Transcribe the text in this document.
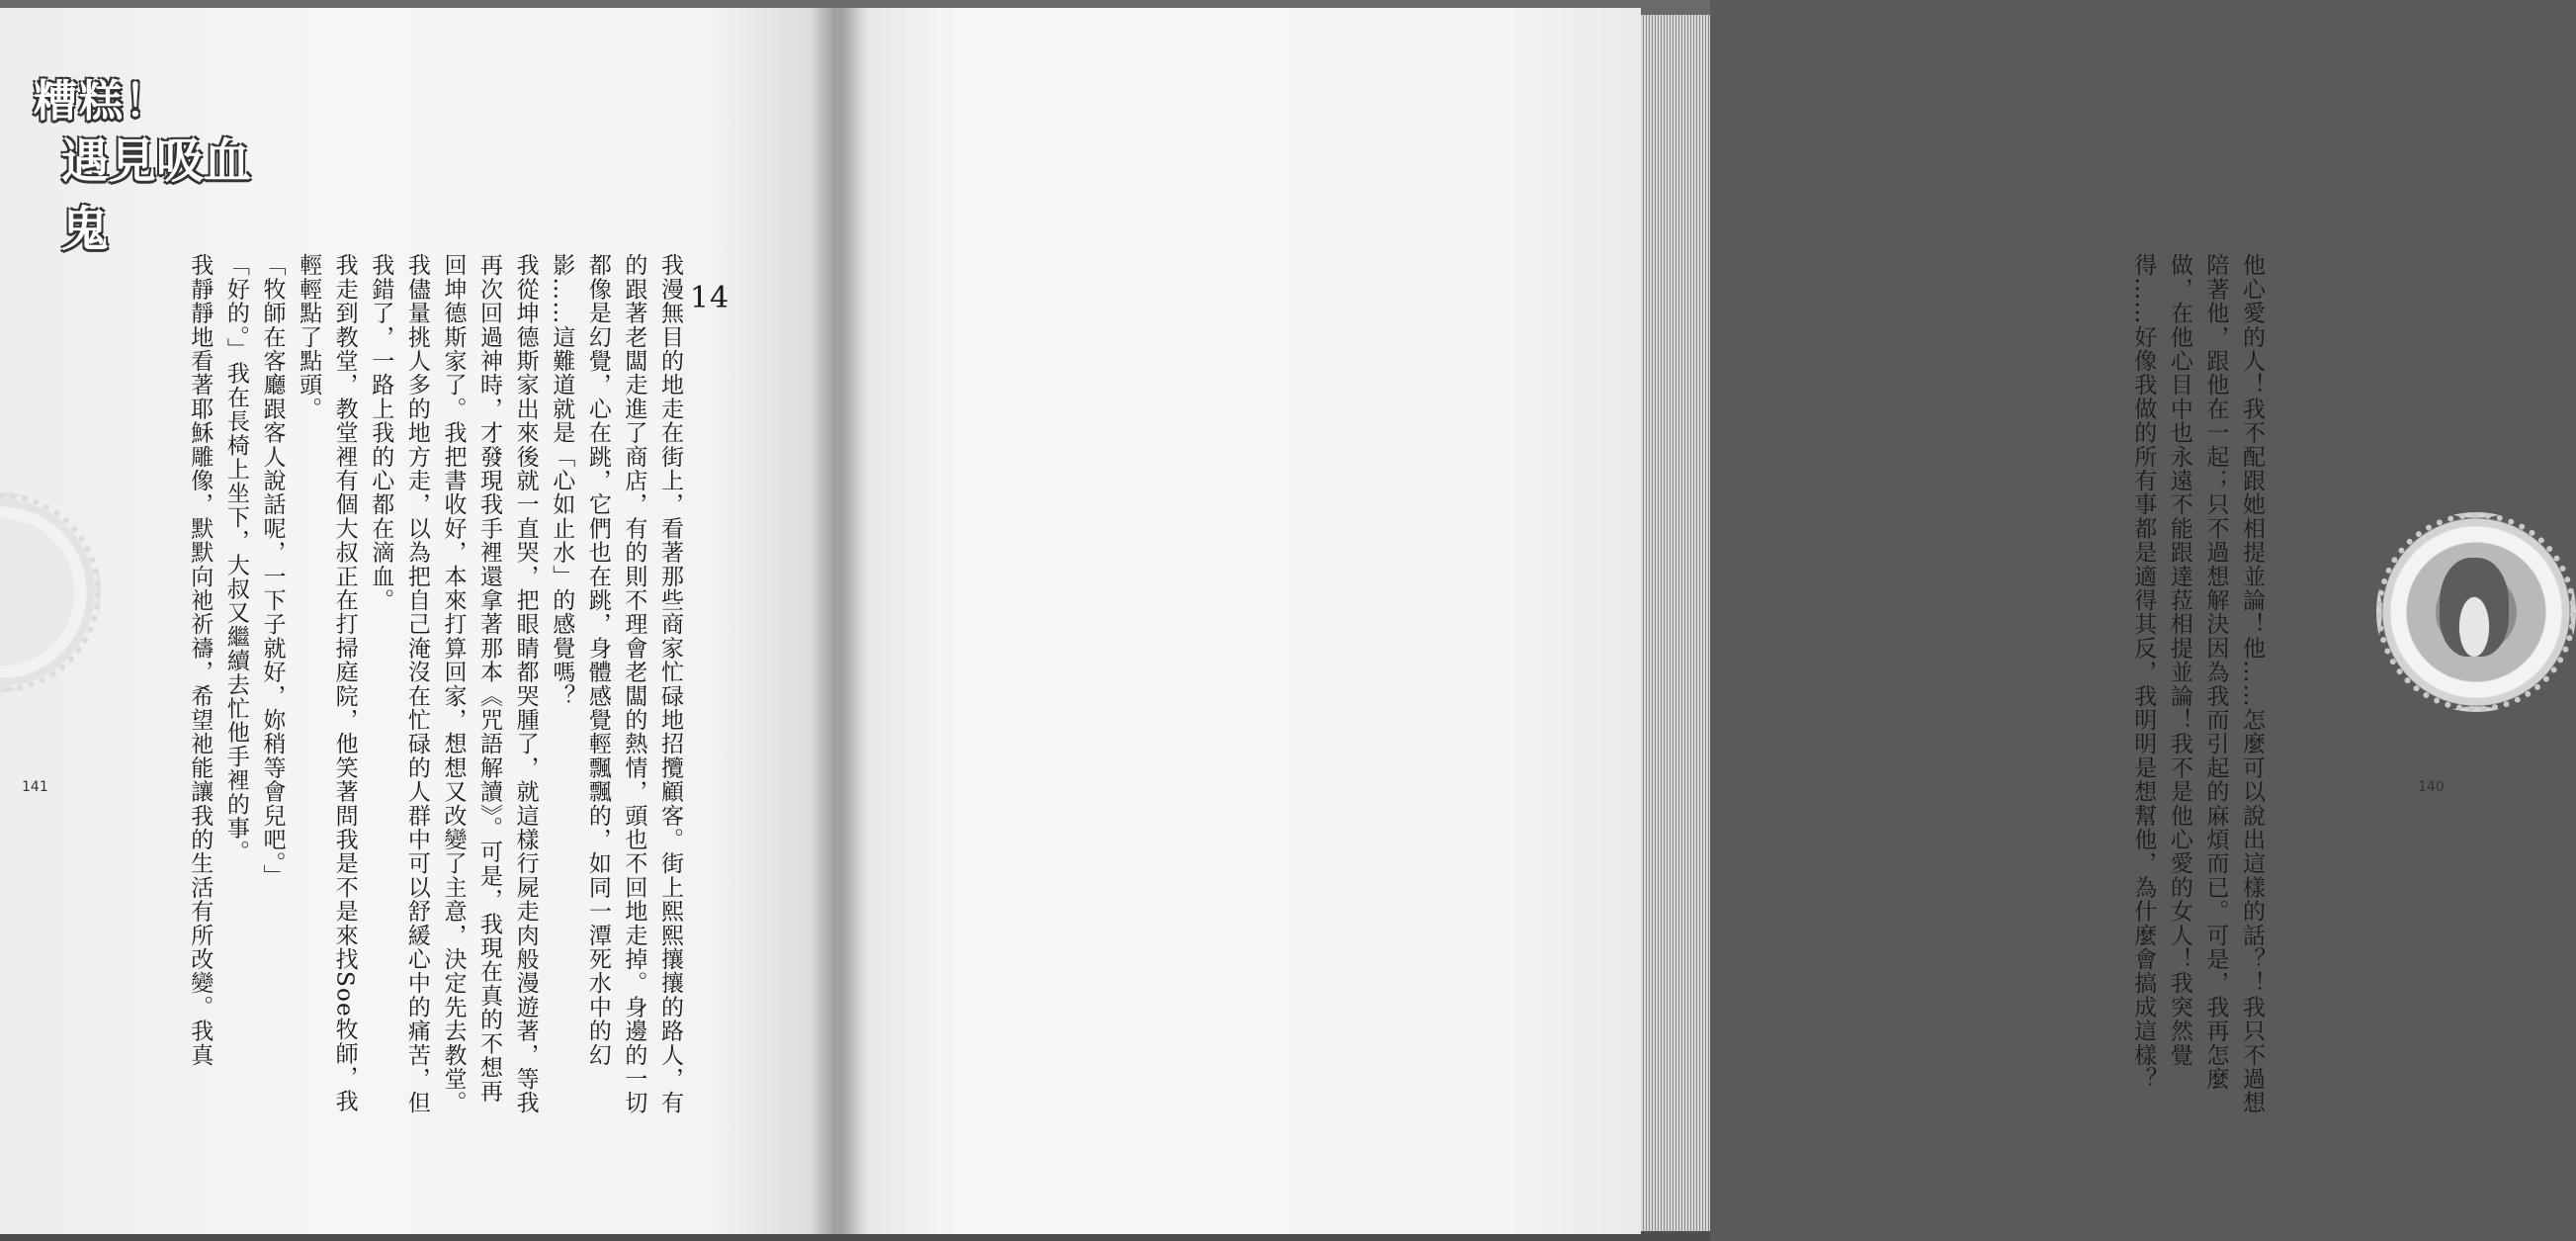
糟糕！
遇見吸血鬼
14

我漫無目的地走在街上，看著那些商家忙碌地招攬顧客。街上熙熙攘攘的路人，有的跟著老闆走進了商店，有的則不理會老闆的熱情，頭也不回地走掉。身邊的一切都像是幻覺，心在跳，它們也在跳，身體感覺輕飄飄的，如同一潭死水中的幻影……這難道就是「心如止水」的感覺嗎？

我從坤德斯家出來後就一直哭，把眼睛都哭腫了，就這樣行屍走肉般漫遊著，等我再次回過神時，才發現我手裡還拿著那本《咒語解讀》。可是，我現在真的不想再回坤德斯家了。我把書收好，本來打算回家，想想又改變了主意，決定先去教堂。我儘量挑人多的地方走，以為把自己淹沒在忙碌的人群中可以舒緩心中的痛苦，但我錯了，一路上我的心都在滴血。

我走到教堂，教堂裡有個大叔正在打掃庭院，他笑著問我是不是來找Soe牧師，我輕輕點了點頭。

「牧師在客廳跟客人說話呢，一下子就好，妳稍等會兒吧。」

「好的。」我在長椅上坐下，大叔又繼續去忙他手裡的事。

我靜靜地看著耶穌雕像，默默向祂祈禱，希望祂能讓我的生活有所改變。我真

141	他心愛的人！我不配跟她相提並論！他……怎麼可以說出這樣的話？！我只不過想陪著他，跟他在一起；只不過想解決因為我而引起的麻煩而已。可是，我再怎麼做，在他心目中也永遠不能跟達菈相提並論！我不是他心愛的女人！我突然覺得……好像我做的所有事都是適得其反，我明明是想幫他，為什麼會搞成這樣？	140
